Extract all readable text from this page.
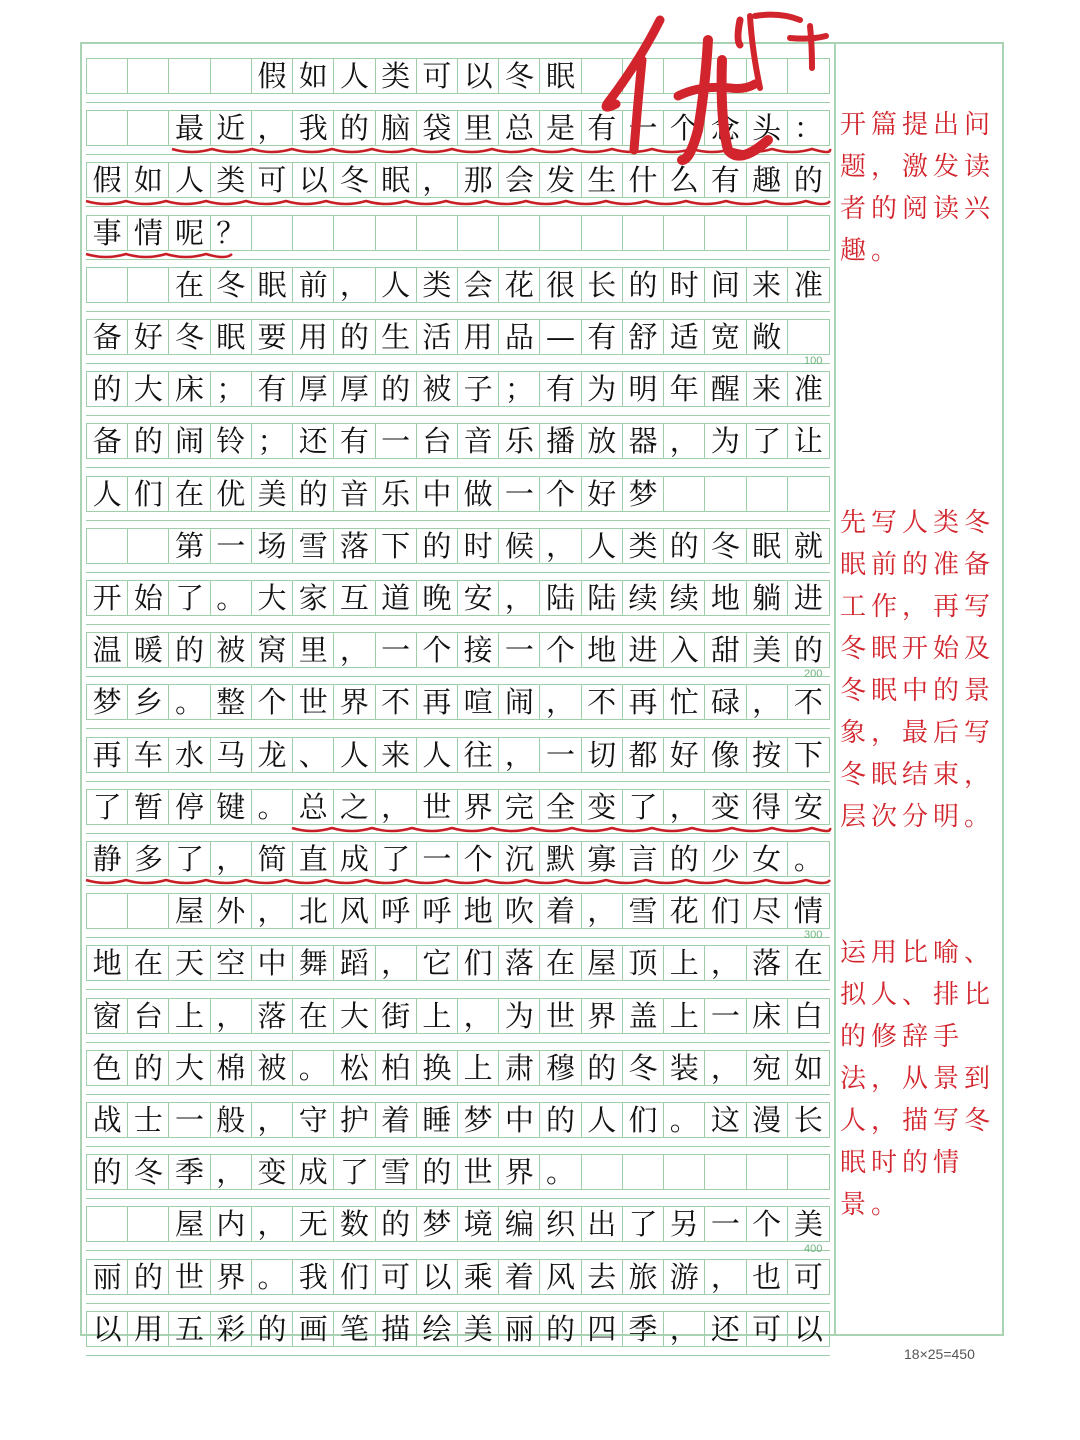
假 如 人 类 可 以 冬 眠
最 近 ， 我 的 脑 袋 里 总 是 有 一 个 念 头 ：
假 如 人 类 可 以 冬 眠 ， 那 会 发 生 什 么 有 趣 的
事 情 呢 ？
在 冬 眠 前 ， 人 类 会 花 很 长 的 时 间 来 准
备 好 冬 眠 要 用 的 生 活 用 品 — 有 舒 适 宽 敞
的 大 床 ； 有 厚 厚 的 被 子 ； 有 为 明 年 醒 来 准
备 的 闹 铃 ； 还 有 一 台 音 乐 播 放 器 ， 为 了 让
人 们 在 优 美 的 音 乐 中 做 一 个 好 梦
第 一 场 雪 落 下 的 时 候 ， 人 类 的 冬 眠 就
开 始 了 。 大 家 互 道 晚 安 ， 陆 陆 续 续 地 躺 进
温 暖 的 被 窝 里 ， 一 个 接 一 个 地 进 入 甜 美 的
梦 乡 。 整 个 世 界 不 再 喧 闹 ， 不 再 忙 碌 ， 不
再 车 水 马 龙 、 人 来 人 往 ， 一 切 都 好 像 按 下
了 暂 停 键 。 总 之 ， 世 界 完 全 变 了 ， 变 得 安
静 多 了 ， 简 直 成 了 一 个 沉 默 寡 言 的 少 女 。
屋 外 ， 北 风 呼 呼 地 吹 着 ， 雪 花 们 尽 情
地 在 天 空 中 舞 蹈 ， 它 们 落 在 屋 顶 上 ， 落 在
窗 台 上 ， 落 在 大 街 上 ， 为 世 界 盖 上 一 床 白
色 的 大 棉 被 。 松 柏 换 上 肃 穆 的 冬 装 ， 宛 如
战 士 一 般 ， 守 护 着 睡 梦 中 的 人 们 。 这 漫 长
的 冬 季 ， 变 成 了 雪 的 世 界 。
屋 内 ， 无 数 的 梦 境 编 织 出 了 另 一 个 美
丽 的 世 界 。 我 们 可 以 乘 着 风 去 旅 游 ， 也 可
以 用 五 彩 的 画 笔 描 绘 美 丽 的 四 季 ， 还 可 以
100
200
300
400
开篇提出问题，激发读者的阅读兴趣。
先写人类冬眠前的准备工作，再写冬眠开始及冬眠中的景象，最后写冬眠结束，层次分明。
运用比喻、拟人、排比的修辞手法，从景到人，描写冬眠时的情景。
18×25=450
